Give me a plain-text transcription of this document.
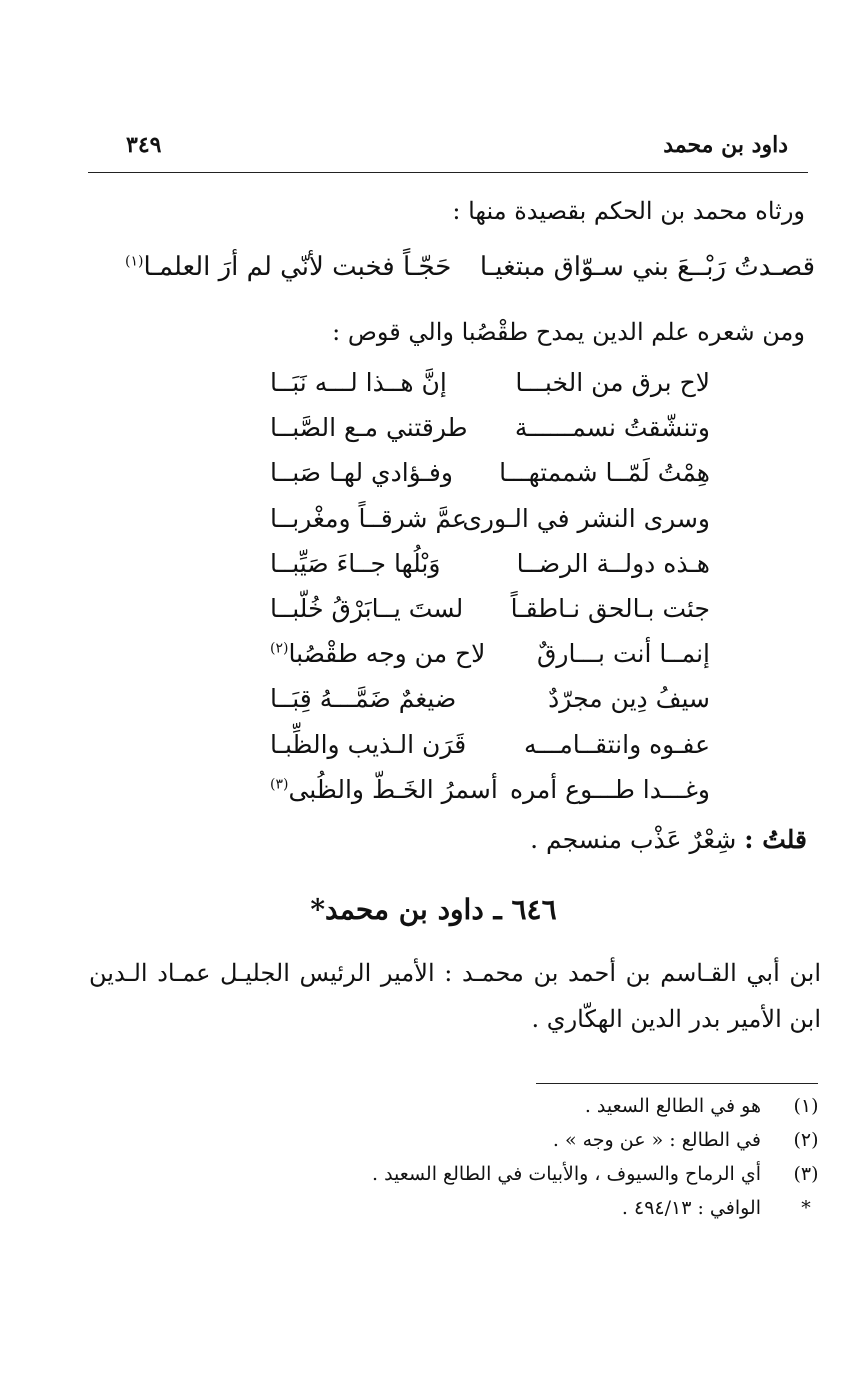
داود بن محمد
٣٤٩
ورثاه محمد بن الحكم بقصيدة منها :
قصـدتُ رَبْــعَ بني سـوّاق مبتغيـا
حَجّـاً فخبت لأنّي لم أرَ العلمـا$^{(١)}$
ومن شعره علم الدين يمدح طقْصُبا والي قوص :
لاح برق من الخبـــا
إنَّ هــذا لـــه نَبَــا
وتنشّقتُ نسمــــــة
طرقتني مـع الصَّبــا
هِمْتُ لَمّــا شممتهـــا
وفـؤادي لهـا صَبــا
وسرى النشر في الـورى
عمَّ شرقــاً ومغْربــا
هـذه دولــة الرضــا
وَبْلُها جــاءَ صَيِّبــا
جئت بـالحق نـاطقـاً
لستَ يــابَرْقُ خُلّبــا
إنمــا أنت بـــارقٌ
لاح من وجه طقْصُبا$^{(٢)}$
سيفُ دِين مجرّدٌ
ضيغمٌ ضَمَّـــهُ قِبَــا
عفـوه وانتقــامـــه
قَرَن الـذيب والظِّبـا
وغـــدا طـــوع أمره
أسمرُ الخَـطّ والظُبى$^{(٣)}$
قلتُ : شِعْرٌ عَذْب منسجم .
٦٤٦ ـ داود بن محمد*
ابن أبي القـاسم بن أحمد بن محمـد : الأمير الرئيس الجليـل عمـاد الـدين ابن الأمير بدر الدين الهكّاري .
(١)
هو في الطالع السعيد .
(٢)
في الطالع : « عن وجه » .
(٣)
أي الرماح والسيوف ، والأبيات في الطالع السعيد .
*
الوافي : ٤٩٤/١٣ .
